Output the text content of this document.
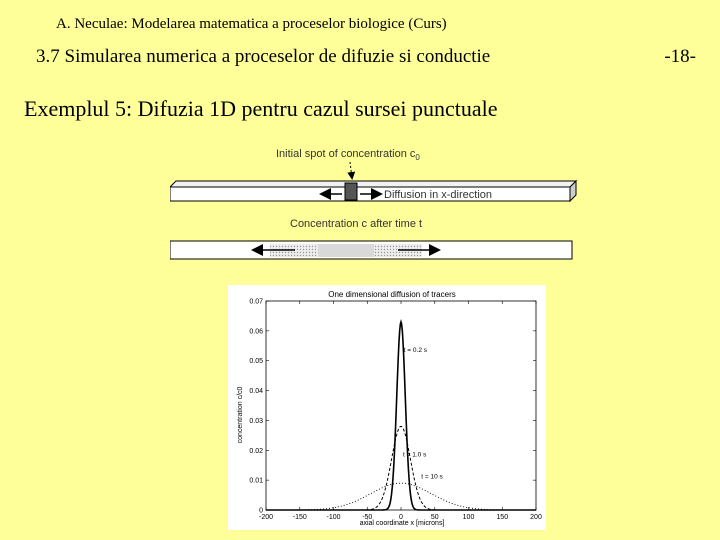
A. Neculae: Modelarea matematica a proceselor biologice (Curs)
3.7 Simularea numerica a proceselor de difuzie si conductie	-18-
Exemplul 5: Difuzia 1D pentru cazul sursei punctuale
Initial spot of concentration $c_0$
Diffusion in x-direction
Concentration c after time t
One dimensional diffusion of tracers
concentration c/c0
axial coordinate x [microns]
-200	-150	-100	-50	0	50	100	150	200
0
0.01
0.02
0.03
0.04
0.05
0.06
0.07
t = 0.2 s
t = 1.0 s
t = 10 s
